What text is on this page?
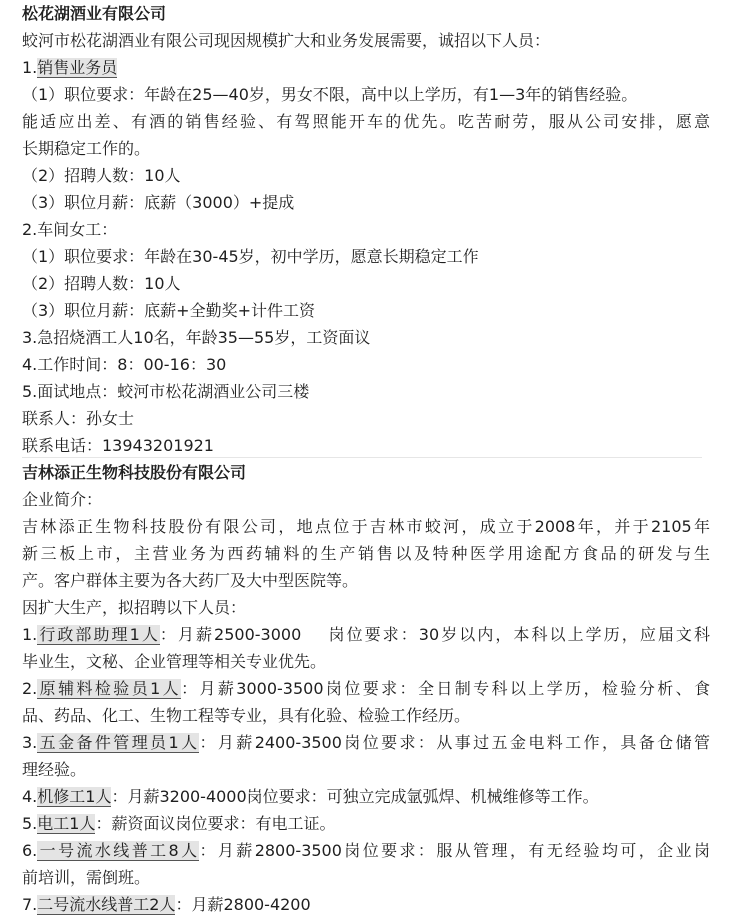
松花湖酒业有限公司
蛟河市松花湖酒业有限公司现因规模扩大和业务发展需要，诚招以下人员：
1.销售业务员
（1）职位要求：年龄在25—40岁，男女不限，高中以上学历，有1—3年的销售经验。
能适应出差、有酒的销售经验、有驾照能开车的优先。吃苦耐劳，服从公司安排，愿意
长期稳定工作的。
（2）招聘人数：10人
（3）职位月薪：底薪（3000）+提成
2.车间女工：
（1）职位要求：年龄在30-45岁，初中学历，愿意长期稳定工作
（2）招聘人数：10人
（3）职位月薪：底薪+全勤奖+计件工资
3.急招烧酒工人10名，年龄35—55岁，工资面议
4.工作时间：8：00-16：30
5.面试地点：蛟河市松花湖酒业公司三楼
联系人：孙女士
联系电话：13943201921
吉林添正生物科技股份有限公司
企业简介：
吉林添正生物科技股份有限公司，地点位于吉林市蛟河，成立于2008年，并于2105年
新三板上市，主营业务为西药辅料的生产销售以及特种医学用途配方食品的研发与生
产。客户群体主要为各大药厂及大中型医院等。
因扩大生产，拟招聘以下人员：
1.行政部助理1人：月薪2500-3000　 岗位要求：30岁以内，本科以上学历，应届文科
毕业生，文秘、企业管理等相关专业优先。
2.原辅料检验员1人：月薪3000-3500岗位要求：全日制专科以上学历，检验分析、食
品、药品、化工、生物工程等专业，具有化验、检验工作经历。
3.五金备件管理员1人：月薪2400-3500岗位要求：从事过五金电料工作，具备仓储管
理经验。
4.机修工1人：月薪3200-4000岗位要求：可独立完成氩弧焊、机械维修等工作。
5.电工1人：薪资面议岗位要求：有电工证。
6.一号流水线普工8人：月薪2800-3500岗位要求：服从管理，有无经验均可，企业岗
前培训，需倒班。
7.二号流水线普工2人：月薪2800-4200
